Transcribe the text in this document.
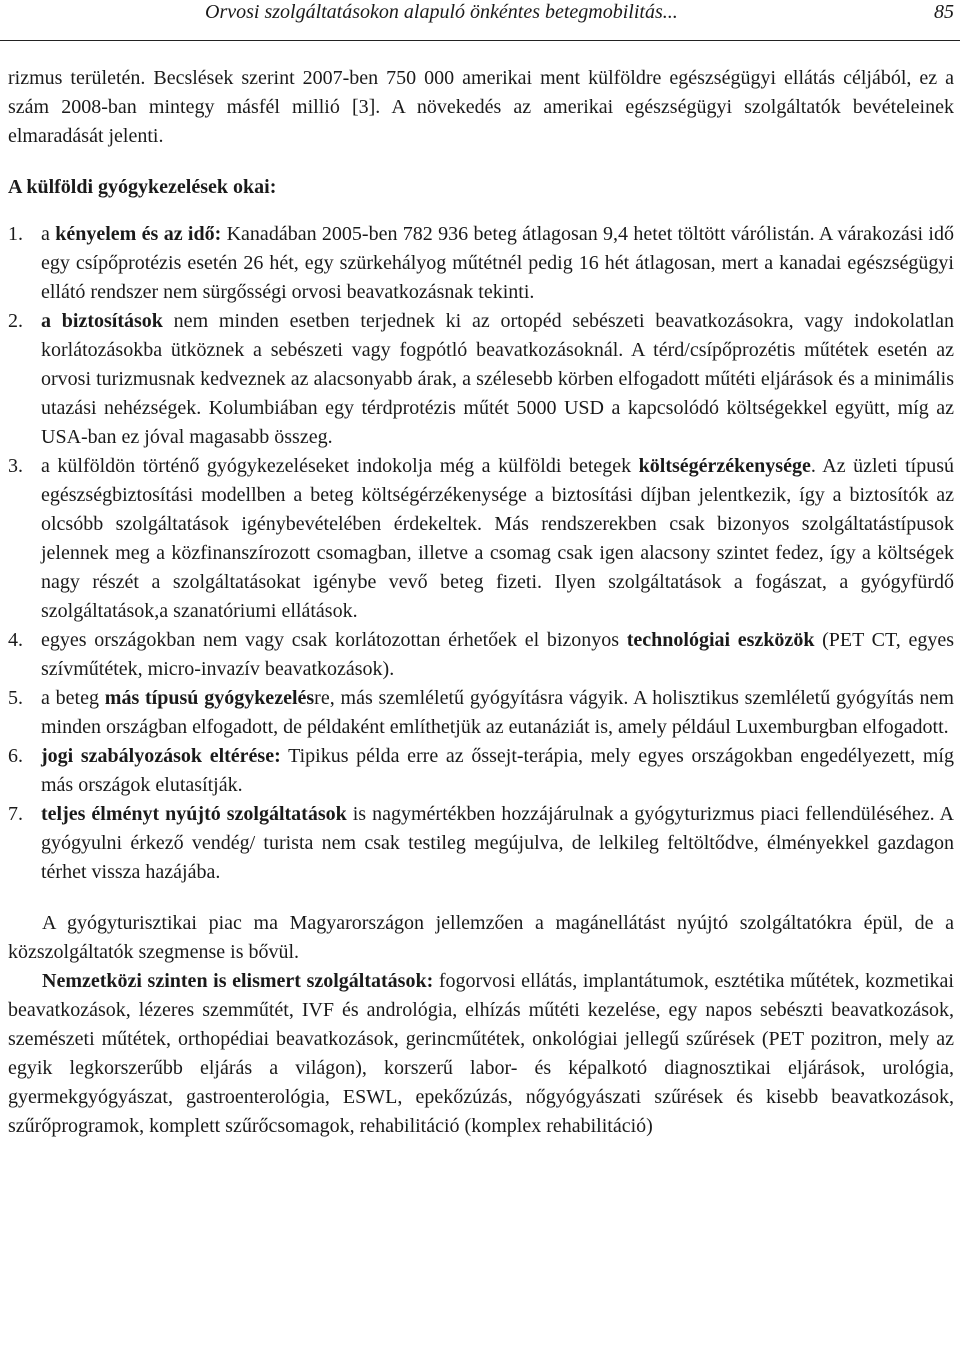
Orvosi szolgáltatásokon alapuló önkéntes betegmobilitás...	85

rizmus területén. Becslések szerint 2007-ben 750 000 amerikai ment külföldre egészségügyi ellátás céljából, ez a szám 2008-ban mintegy másfél millió [3]. A növekedés az amerikai egészségügyi szolgáltatók bevételeinek elmaradását jelenti.

A külföldi gyógykezelések okai:
1. a kényelem és az idő: Kanadában 2005-ben 782 936 beteg átlagosan 9,4 hetet töltött várólistán. A várakozási idő egy csípőprotézis esetén 26 hét, egy szürkehályog műtétnél pedig 16 hét átlagosan, mert a kanadai egészségügyi ellátó rendszer nem sürgősségi orvosi beavatkozásnak tekinti.
2. a biztosítások nem minden esetben terjednek ki az ortopéd sebészeti beavatkozásokra, vagy indokolatlan korlátozásokba ütköznek a sebészeti vagy fogpótló beavatkozásoknál. A térd/csípőprozétis műtétek esetén az orvosi turizmusnak kedveznek az alacsonyabb árak, a szélesebb körben elfogadott műtéti eljárások és a minimális utazási nehézségek. Kolumbiában egy térdprotézis műtét 5000 USD a kapcsolódó költségekkel együtt, míg az USA-ban ez jóval magasabb összeg.
3. a külföldön történő gyógykezeléseket indokolja még a külföldi betegek költségérzékenysége. Az üzleti típusú egészségbiztosítási modellben a beteg költségérzékenysége a biztosítási díjban jelentkezik, így a biztosítók az olcsóbb szolgáltatások igénybevételében érdekeltek. Más rendszerekben csak bizonyos szolgáltatástípusok jelennek meg a közfinanszírozott csomagban, illetve a csomag csak igen alacsony szintet fedez, így a költségek nagy részét a szolgáltatásokat igénybe vevő beteg fizeti. Ilyen szolgáltatások a fogászat, a gyógyfürdő szolgáltatások,a szanatóriumi ellátások.
4. egyes országokban nem vagy csak korlátozottan érhetőek el bizonyos technológiai eszközök (PET CT, egyes szívműtétek, micro-invazív beavatkozások).
5. a beteg más típusú gyógykezelésre, más szemléletű gyógyításra vágyik. A holisztikus szemléletű gyógyítás nem minden országban elfogadott, de példaként említhetjük az eutanáziát is, amely például Luxemburgban elfogadott.
6. jogi szabályozások eltérése: Tipikus példa erre az őssejt-terápia, mely egyes országokban engedélyezett, míg más országok elutasítják.
7. teljes élményt nyújtó szolgáltatások is nagymértékben hozzájárulnak a gyógyturizmus piaci fellendüléséhez. A gyógyulni érkező vendég/ turista nem csak testileg megújulva, de lelkileg feltöltődve, élményekkel gazdagon térhet vissza hazájába.

A gyógyturisztikai piac ma Magyarországon jellemzően a magánellátást nyújtó szolgáltatókra épül, de a közszolgáltatók szegmense is bővül.

Nemzetközi szinten is elismert szolgáltatások: fogorvosi ellátás, implantátumok, esztétika műtétek, kozmetikai beavatkozások, lézeres szemműtét, IVF és andrológia, elhízás műtéti kezelése, egy napos sebészti beavatkozások, szemészeti műtétek, orthopédiai beavatkozások, gerincműtétek, onkológiai jellegű szűrések (PET pozitron, mely az egyik legkorszerűbb eljárás a világon), korszerű labor- és képalkotó diagnosztikai eljárások, urológia, gyermekgyógyászat, gastroenterológia, ESWL, epekőzúzás, nőgyógyászati szűrések és kisebb beavatkozások, szűrőprogramok, komplett szűrőcsomagok, rehabilitáció (komplex rehabilitáció)
